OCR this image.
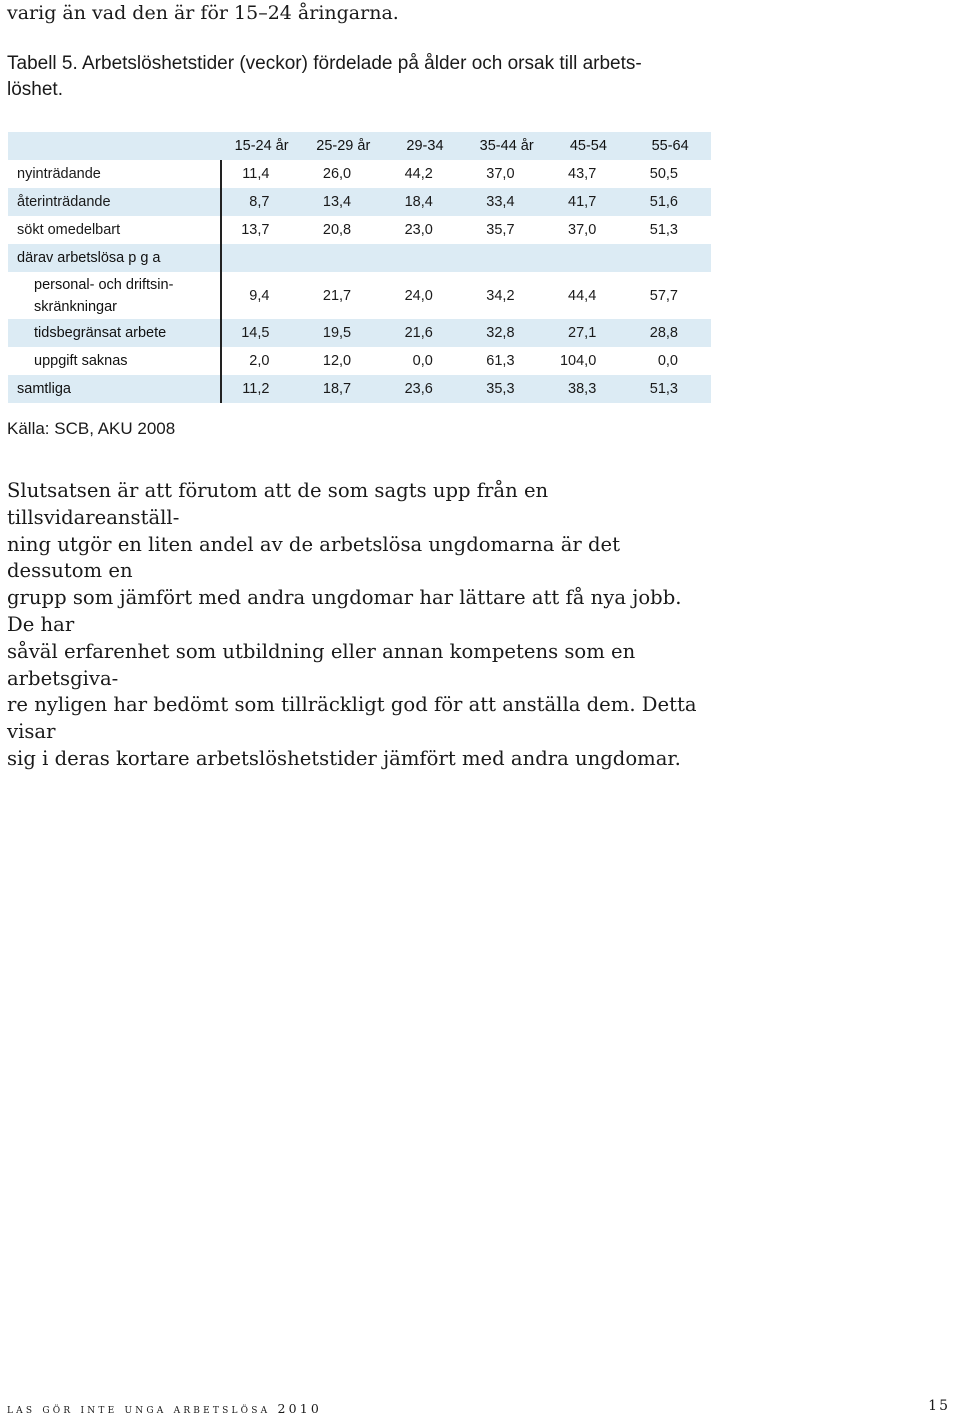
varig än vad den är för 15–24 åringarna.
Tabell 5. Arbetslöshetstider (veckor) fördelade på ålder och orsak till arbets-
löshet.
	15-24 år	25-29 år	29-34	35-44 år	45-54	55-64
nyinträdande	11,4	26,0	44,2	37,0	43,7	50,5
återinträdande	8,7	13,4	18,4	33,4	41,7	51,6
sökt omedelbart	13,7	20,8	23,0	35,7	37,0	51,3
därav arbetslösa p g a						
personal- och driftsin-
skränkningar	9,4	21,7	24,0	34,2	44,4	57,7
tidsbegränsat arbete	14,5	19,5	21,6	32,8	27,1	28,8
uppgift saknas	2,0	12,0	0,0	61,3	104,0	0,0
samtliga	11,2	18,7	23,6	35,3	38,3	51,3
Källa: SCB, AKU 2008

Slutsatsen är att förutom att de som sagts upp från en tillsvidareanställ-

ning utgör en liten andel av de arbetslösa ungdomarna är det dessutom en

grupp som jämfört med andra ungdomar har lättare att få nya jobb. De har

såväl erfarenhet som utbildning eller annan kompetens som en arbetsgiva-

re nyligen har bedömt som tillräckligt god för att anställa dem. Detta visar

sig i deras kortare arbetslöshetstider jämfört med andra ungdomar.

las gör inte unga arbetslösa 2010	15
